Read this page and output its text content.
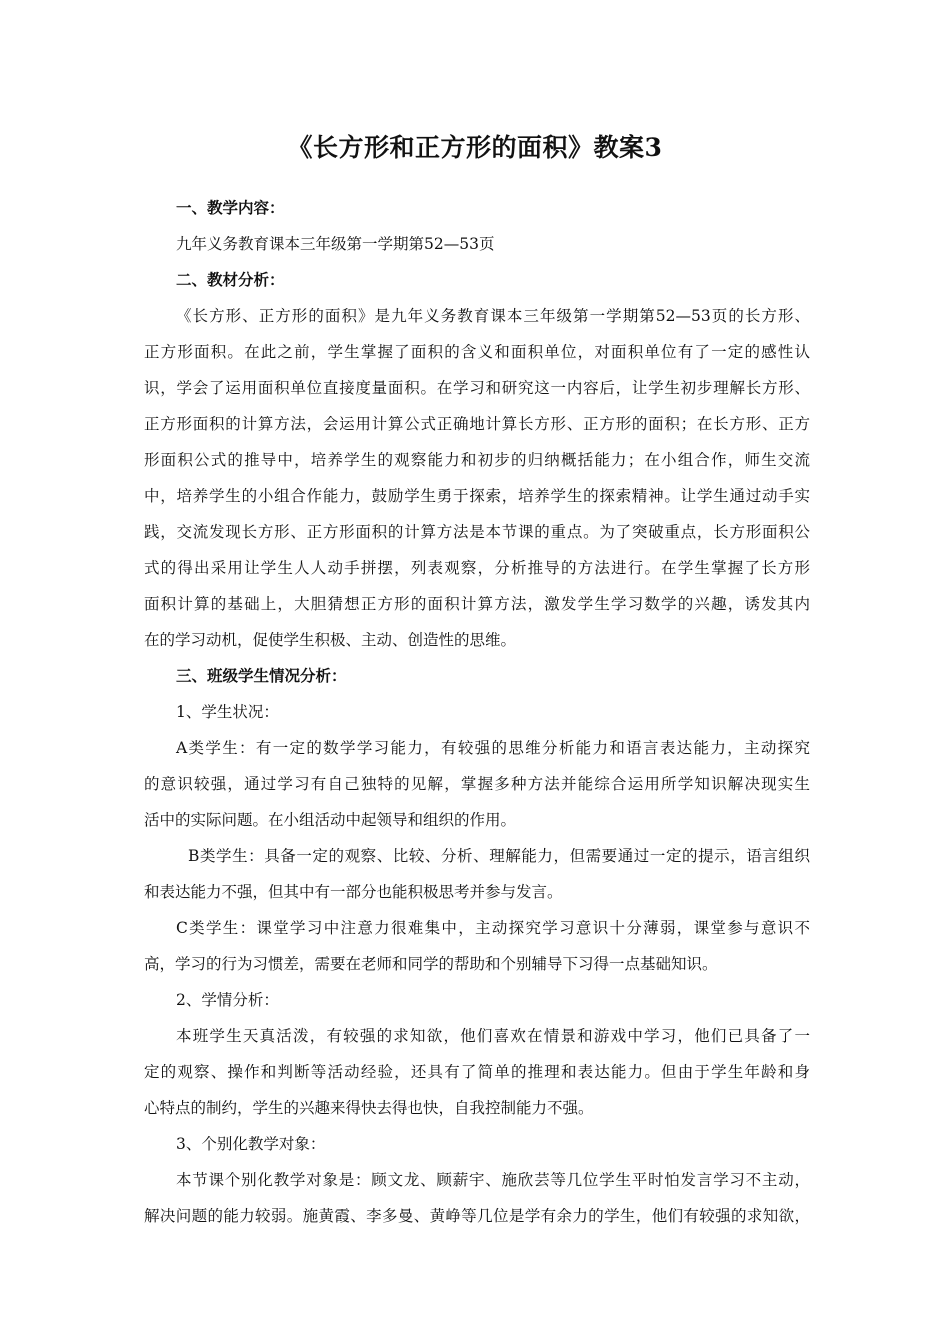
《长方形和正方形的面积》教案3
一、教学内容：
九年义务教育课本三年级第一学期第52—53页
二、教材分析：
《长方形、正方形的面积》是九年义务教育课本三年级第一学期第52—53页的长方形、
正方形面积。在此之前，学生掌握了面积的含义和面积单位，对面积单位有了一定的感性认
识，学会了运用面积单位直接度量面积。在学习和研究这一内容后，让学生初步理解长方形、
正方形面积的计算方法，会运用计算公式正确地计算长方形、正方形的面积；在长方形、正方
形面积公式的推导中，培养学生的观察能力和初步的归纳概括能力；在小组合作，师生交流
中，培养学生的小组合作能力，鼓励学生勇于探索，培养学生的探索精神。让学生通过动手实
践，交流发现长方形、正方形面积的计算方法是本节课的重点。为了突破重点，长方形面积公
式的得出采用让学生人人动手拼摆，列表观察，分析推导的方法进行。在学生掌握了长方形
面积计算的基础上，大胆猜想正方形的面积计算方法，激发学生学习数学的兴趣，诱发其内
在的学习动机，促使学生积极、主动、创造性的思维。
三、班级学生情况分析：
1、学生状况：
A类学生：有一定的数学学习能力，有较强的思维分析能力和语言表达能力，主动探究
的意识较强，通过学习有自己独特的见解，掌握多种方法并能综合运用所学知识解决现实生
活中的实际问题。在小组活动中起领导和组织的作用。
B类学生：具备一定的观察、比较、分析、理解能力，但需要通过一定的提示，语言组织
和表达能力不强，但其中有一部分也能积极思考并参与发言。
C类学生：课堂学习中注意力很难集中，主动探究学习意识十分薄弱，课堂参与意识不
高，学习的行为习惯差，需要在老师和同学的帮助和个别辅导下习得一点基础知识。
2、学情分析：
本班学生天真活泼，有较强的求知欲，他们喜欢在情景和游戏中学习，他们已具备了一
定的观察、操作和判断等活动经验，还具有了简单的推理和表达能力。但由于学生年龄和身
心特点的制约，学生的兴趣来得快去得也快，自我控制能力不强。
3、个别化教学对象：
本节课个别化教学对象是：顾文龙、顾薪宇、施欣芸等几位学生平时怕发言学习不主动，
解决问题的能力较弱。施黄霞、李多曼、黄峥等几位是学有余力的学生，他们有较强的求知欲，
